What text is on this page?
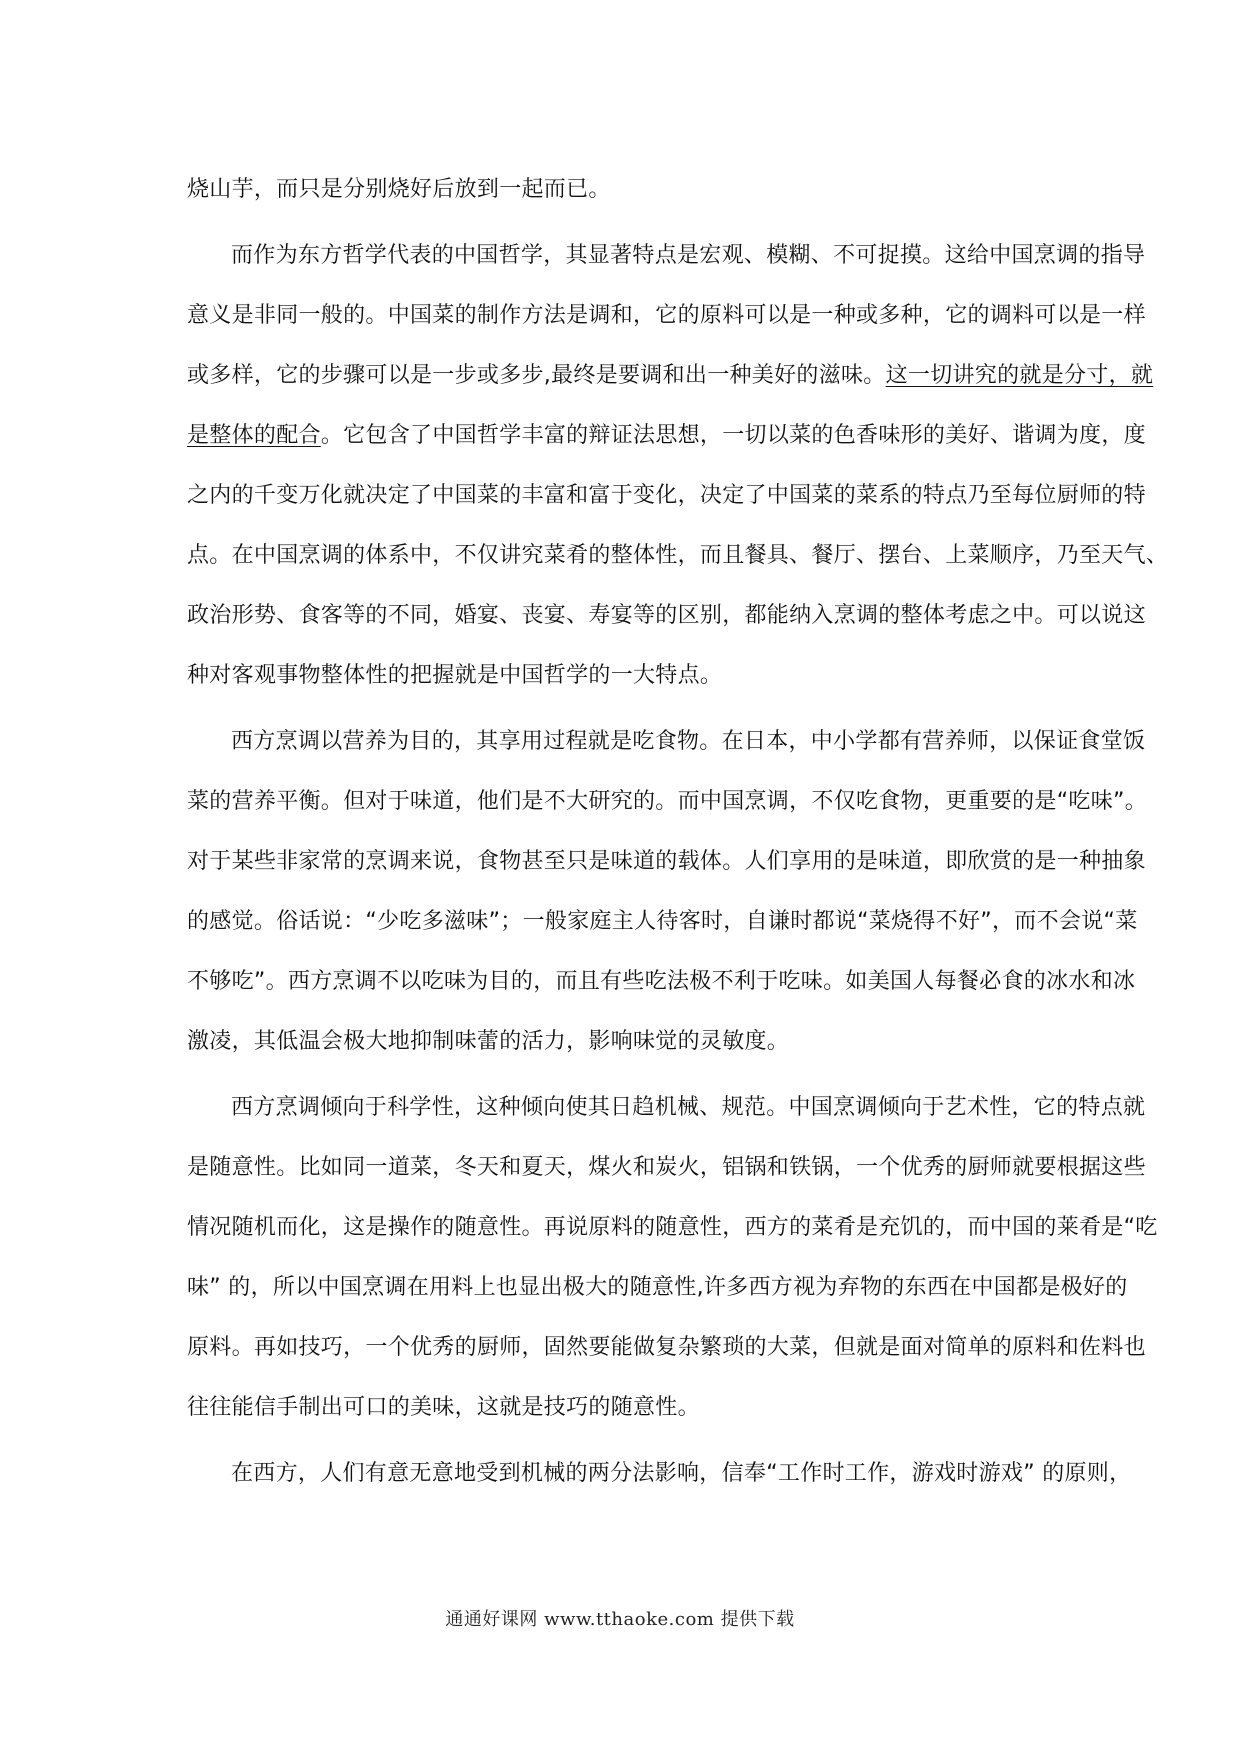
烧山芋，而只是分别烧好后放到一起而已。
而作为东方哲学代表的中国哲学，其显著特点是宏观、模糊、不可捉摸。这给中国烹调的指导
意义是非同一般的。中国菜的制作方法是调和，它的原料可以是一种或多种，它的调料可以是一样
或多样，它的步骤可以是一步或多步,最终是要调和出一种美好的滋味。这一切讲究的就是分寸，就
是整体的配合。它包含了中国哲学丰富的辩证法思想，一切以菜的色香味形的美好、谐调为度，度
之内的千变万化就决定了中国菜的丰富和富于变化，决定了中国菜的菜系的特点乃至每位厨师的特
点。在中国烹调的体系中，不仅讲究菜肴的整体性，而且餐具、餐厅、摆台、上菜顺序，乃至天气、
政治形势、食客等的不同，婚宴、丧宴、寿宴等的区别，都能纳入烹调的整体考虑之中。可以说这
种对客观事物整体性的把握就是中国哲学的一大特点。
西方烹调以营养为目的，其享用过程就是吃食物。在日本，中小学都有营养师，以保证食堂饭
菜的营养平衡。但对于味道，他们是不大研究的。而中国烹调，不仅吃食物，更重要的是“吃味”。
对于某些非家常的烹调来说，食物甚至只是味道的载体。人们享用的是味道，即欣赏的是一种抽象
的感觉。俗话说：“少吃多滋味”；一般家庭主人待客时，自谦时都说“菜烧得不好”，而不会说“菜
不够吃”。西方烹调不以吃味为目的，而且有些吃法极不利于吃味。如美国人每餐必食的冰水和冰
激凌，其低温会极大地抑制味蕾的活力，影响味觉的灵敏度。
西方烹调倾向于科学性，这种倾向使其日趋机械、规范。中国烹调倾向于艺术性，它的特点就
是随意性。比如同一道菜，冬天和夏天，煤火和炭火，铝锅和铁锅，一个优秀的厨师就要根据这些
情况随机而化，这是操作的随意性。再说原料的随意性，西方的菜肴是充饥的，而中国的莱肴是“吃
味” 的，所以中国烹调在用料上也显出极大的随意性,许多西方视为弃物的东西在中国都是极好的
原料。再如技巧，一个优秀的厨师，固然要能做复杂繁琐的大菜，但就是面对简单的原料和佐料也
往往能信手制出可口的美味，这就是技巧的随意性。
在西方，人们有意无意地受到机械的两分法影响，信奉“工作时工作，游戏时游戏” 的原则，
通通好课网 www.tthaoke.com 提供下载
